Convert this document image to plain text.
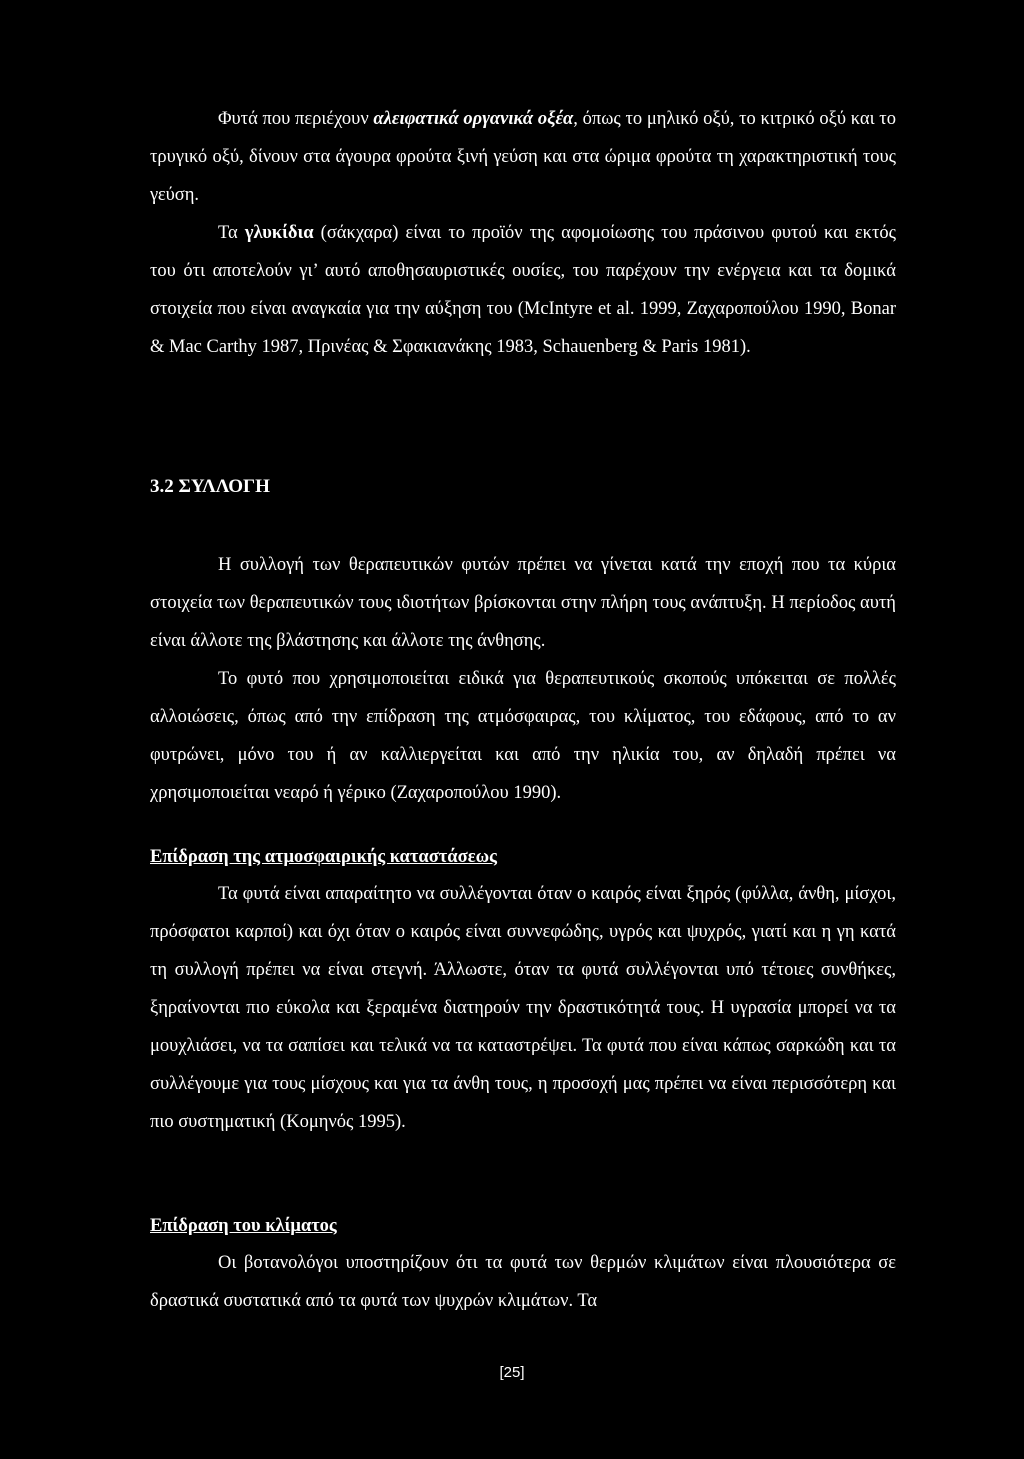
Φυτά που περιέχουν αλειφατικά οργανικά οξέα, όπως το μηλικό οξύ, το κιτρικό οξύ και το τρυγικό οξύ, δίνουν στα άγουρα φρούτα ξινή γεύση και στα ώριμα φρούτα τη χαρακτηριστική τους γεύση.

Τα γλυκίδια (σάκχαρα) είναι το προϊόν της αφομοίωσης του πράσινου φυτού και εκτός του ότι αποτελούν γι’ αυτό αποθησαυριστικές ουσίες, του παρέχουν την ενέργεια και τα δομικά στοιχεία που είναι αναγκαία για την αύξηση του (McIntyre et al. 1999, Ζαχαροπούλου 1990, Bonar & Mac Carthy 1987, Πρινέας & Σφακιανάκης 1983, Schauenberg & Paris 1981).

3.2 ΣΥΛΛΟΓΗ

Η συλλογή των θεραπευτικών φυτών πρέπει να γίνεται κατά την εποχή που τα κύρια στοιχεία των θεραπευτικών τους ιδιοτήτων βρίσκονται στην πλήρη τους ανάπτυξη. Η περίοδος αυτή είναι άλλοτε της βλάστησης και άλλοτε της άνθησης.

Το φυτό που χρησιμοποιείται ειδικά για θεραπευτικούς σκοπούς υπόκειται σε πολλές αλλοιώσεις, όπως από την επίδραση της ατμόσφαιρας, του κλίματος, του εδάφους, από το αν φυτρώνει, μόνο του ή αν καλλιεργείται και από την ηλικία του, αν δηλαδή πρέπει να χρησιμοποιείται νεαρό ή γέρικο (Ζαχαροπούλου 1990).

Επίδραση της ατμοσφαιρικής καταστάσεως

Τα φυτά είναι απαραίτητο να συλλέγονται όταν ο καιρός είναι ξηρός (φύλλα, άνθη, μίσχοι, πρόσφατοι καρποί) και όχι όταν ο καιρός είναι συννεφώδης, υγρός και ψυχρός, γιατί και η γη κατά τη συλλογή πρέπει να είναι στεγνή. Άλλωστε, όταν τα φυτά συλλέγονται υπό τέτοιες συνθήκες, ξηραίνονται πιο εύκολα και ξεραμένα διατηρούν την δραστικότητά τους. Η υγρασία μπορεί να τα μουχλιάσει, να τα σαπίσει και τελικά να τα καταστρέψει. Τα φυτά που είναι κάπως σαρκώδη και τα συλλέγουμε για τους μίσχους και για τα άνθη τους, η προσοχή μας πρέπει να είναι περισσότερη και πιο συστηματική (Κομηνός 1995).

Επίδραση του κλίματος

Οι βοτανολόγοι υποστηρίζουν ότι τα φυτά των θερμών κλιμάτων είναι πλουσιότερα σε δραστικά συστατικά από τα φυτά των ψυχρών κλιμάτων. Τα

[25]
